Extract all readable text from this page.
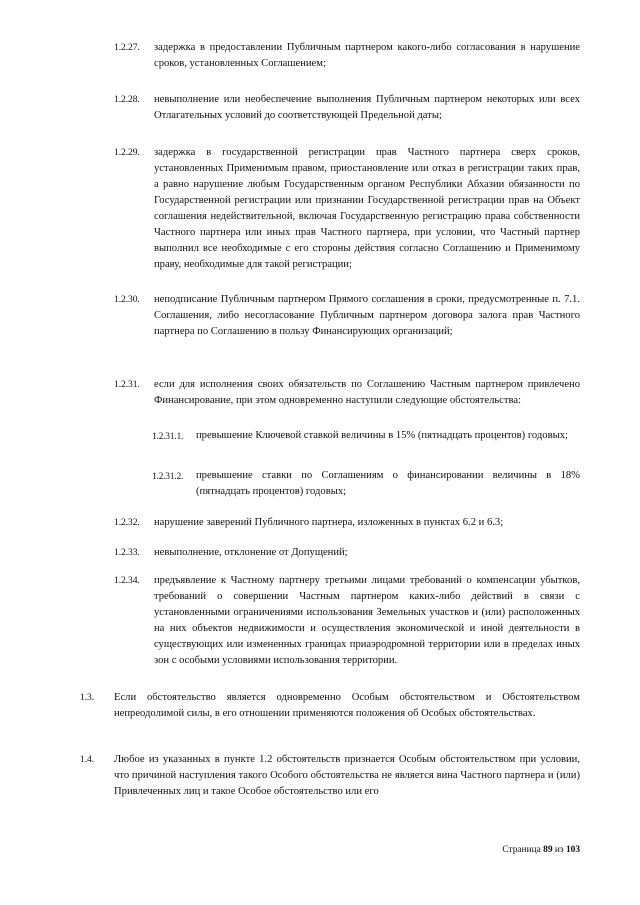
1.2.27. задержка в предоставлении Публичным партнером какого-либо согласования в нарушение сроков, установленных Соглашением;
1.2.28. невыполнение или необеспечение выполнения Публичным партнером некоторых или всех Отлагательных условий до соответствующей Предельной даты;
1.2.29. задержка в государственной регистрации прав Частного партнера сверх сроков, установленных Применимым правом, приостановление или отказ в регистрации таких прав, а равно нарушение любым Государственным органом Республики Абхазии обязанности по Государственной регистрации или признании Государственной регистрации прав на Объект соглашения недействительной, включая Государственную регистрацию права собственности Частного партнера или иных прав Частного партнера, при условии, что Частный партнер выполнил все необходимые с его стороны действия согласно Соглашению и Применимому праву, необходимые для такой регистрации;
1.2.30. неподписание Публичным партнером Прямого соглашения в сроки, предусмотренные п. 7.1. Соглашения, либо несогласование Публичным партнером договора залога прав Частного партнера по Соглашению в пользу Финансирующих организаций;
1.2.31. если для исполнения своих обязательств по Соглашению Частным партнером привлечено Финансирование, при этом одновременно наступили следующие обстоятельства:
1.2.31.1. превышение Ключевой ставкой величины в 15% (пятнадцать процентов) годовых;
1.2.31.2. превышение ставки по Соглашениям о финансировании величины в 18% (пятнадцать процентов) годовых;
1.2.32. нарушение заверений Публичного партнера, изложенных в пунктах 6.2 и 6.3;
1.2.33. невыполнение, отклонение от Допущений;
1.2.34. предъявление к Частному партнеру третьими лицами требований о компенсации убытков, требований о совершении Частным партнером каких-либо действий в связи с установленными ограничениями использования Земельных участков и (или) расположенных на них объектов недвижимости и осуществления экономической и иной деятельности в существующих или измененных границах приаэродромной территории или в пределах иных зон с особыми условиями использования территории.
1.3. Если обстоятельство является одновременно Особым обстоятельством и Обстоятельством непреодолимой силы, в его отношении применяются положения об Особых обстоятельствах.
1.4. Любое из указанных в пункте 1.2 обстоятельств признается Особым обстоятельством при условии, что причиной наступления такого Особого обстоятельства не является вина Частного партнера и (или) Привлеченных лиц и такое Особое обстоятельство или его
Страница 89 из 103
